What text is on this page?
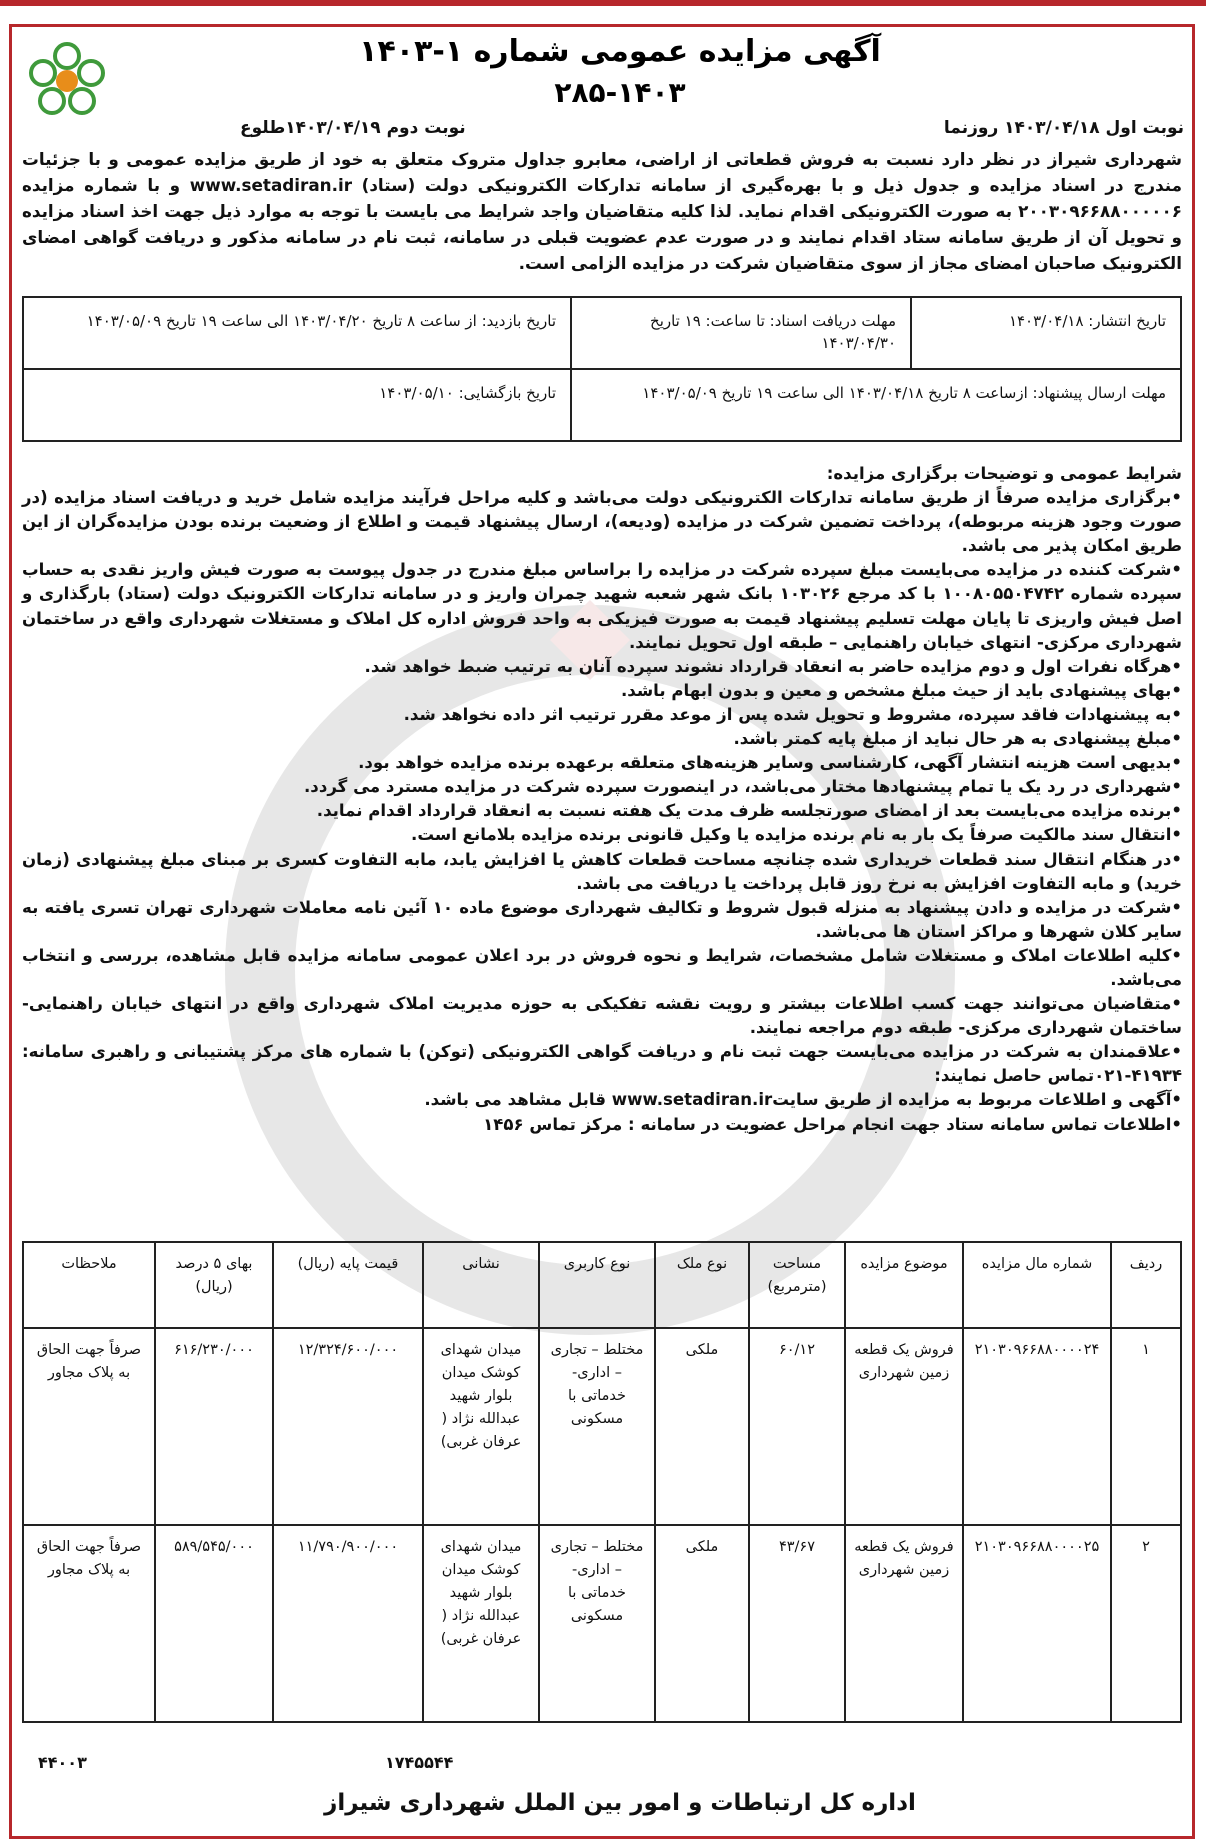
آگهی مزایده عمومی شماره ۱-۱۴۰۳
۲۸۵-۱۴۰۳
نوبت اول ۱۴۰۳/۰۴/۱۸ روزنما
نوبت دوم ۱۴۰۳/۰۴/۱۹طلوع
شهرداری شیراز در نظر دارد نسبت به فروش قطعاتی از اراضی، معابرو جداول متروک متعلق به خود از طریق مزایده عمومی و با جزئیات مندرج در اسناد مزایده و جدول ذیل و با بهره‌گیری از سامانه تدارکات الکترونیکی دولت (ستاد) www.setadiran.ir و با شماره مزایده ۲۰۰۳۰۹۶۶۸۸۰۰۰۰۰۶ به صورت الکترونیکی اقدام نماید. لذا کلیه متقاضیان واجد شرایط می بایست با توجه به موارد ذیل جهت اخذ اسناد مزایده و تحویل آن از طریق سامانه ستاد اقدام نمایند و در صورت عدم عضویت قبلی در سامانه، ثبت نام در سامانه مذکور و دریافت گواهی امضای الکترونیک صاحبان امضای مجاز از سوی متقاضیان شرکت در مزایده الزامی است.
تاریخ انتشار: ۱۴۰۳/۰۴/۱۸	مهلت دریافت اسناد: تا ساعت: ۱۹ تاریخ ۱۴۰۳/۰۴/۳۰	تاریخ بازدید: از ساعت ۸ تاریخ ۱۴۰۳/۰۴/۲۰ الی ساعت ۱۹ تاریخ ۱۴۰۳/۰۵/۰۹
مهلت ارسال پیشنهاد: ازساعت ۸ تاریخ ۱۴۰۳/۰۴/۱۸ الی ساعت ۱۹ تاریخ ۱۴۰۳/۰۵/۰۹		تاریخ بازگشایی: ۱۴۰۳/۰۵/۱۰

شرایط عمومی و توضیحات برگزاری مزایده:

•برگزاری مزایده صرفاً از طریق سامانه تدارکات الکترونیکی دولت می‌باشد و کلیه مراحل فرآیند مزایده شامل خرید و دریافت اسناد مزایده (در صورت وجود هزینه مربوطه)، پرداخت تضمین شرکت در مزایده (ودیعه)، ارسال پیشنهاد قیمت و اطلاع از وضعیت برنده بودن مزایده‌گران از این طریق امکان پذیر می باشد.

•شرکت کننده در مزایده می‌بایست مبلغ سپرده شرکت در مزایده را براساس مبلغ مندرج در جدول پیوست به صورت فیش واریز نقدی به حساب سپرده شماره ۱۰۰۸۰۵۵۰۴۷۴۲ با کد مرجع ۱۰۳۰۲۶ بانک شهر شعبه شهید چمران واریز و در سامانه تدارکات الکترونیک دولت (ستاد) بارگذاری و اصل فیش واریزی تا پایان مهلت تسلیم پیشنهاد قیمت به صورت فیزیکی به واحد فروش اداره کل املاک و مستغلات شهرداری واقع در ساختمان شهرداری مرکزی- انتهای خیابان راهنمایی – طبقه اول تحویل نمایند.

•هرگاه نفرات اول و دوم مزایده حاضر به انعقاد قرارداد نشوند سپرده آنان به ترتیب ضبط خواهد شد.

•بهای پیشنهادی باید از حیث مبلغ مشخص و معین و بدون ابهام باشد.

•به پیشنهادات فاقد سپرده، مشروط و تحویل شده پس از موعد مقرر ترتیب اثر داده نخواهد شد.

•مبلغ پیشنهادی به هر حال نباید از مبلغ پایه کمتر باشد.

•بدیهی است هزینه انتشار آگهی، کارشناسی وسایر هزینه‌های متعلقه برعهده برنده مزایده خواهد بود.

•شهرداری در رد یک یا تمام پیشنهادها مختار می‌باشد، در اینصورت سپرده شرکت در مزایده مسترد می گردد.

•برنده مزایده می‌بایست بعد از امضای صورتجلسه ظرف مدت یک هفته نسبت به انعقاد قرارداد اقدام نماید.

•انتقال سند مالکیت صرفاً یک بار به نام برنده مزایده یا وکیل قانونی برنده مزایده بلامانع است.

•در هنگام انتقال سند قطعات خریداری شده چنانچه مساحت قطعات کاهش یا افزایش یابد، مابه التفاوت کسری بر مبنای مبلغ پیشنهادی (زمان خرید) و مابه التفاوت افزایش به نرخ روز قابل پرداخت یا دریافت می باشد.

•شرکت در مزایده و دادن پیشنهاد به منزله قبول شروط و تکالیف شهرداری موضوع ماده ۱۰ آئین نامه معاملات شهرداری تهران تسری یافته به سایر کلان شهرها و مراکز استان ها می‌باشد.

•کلیه اطلاعات املاک و مستغلات شامل مشخصات، شرایط و نحوه فروش در برد اعلان عمومی سامانه مزایده قابل مشاهده، بررسی و انتخاب می‌باشد.

•متقاضیان می‌توانند جهت کسب اطلاعات بیشتر و رویت نقشه تفکیکی به حوزه مدیریت املاک شهرداری واقع در انتهای خیابان راهنمایی- ساختمان شهرداری مرکزی- طبقه دوم مراجعه نمایند.

•علاقمندان به شرکت در مزایده می‌بایست جهت ثبت نام و دریافت گواهی الکترونیکی (توکن) با شماره های مرکز پشتیبانی و راهبری سامانه: ۴۱۹۳۴-۰۲۱تماس حاصل نمایند:

•آگهی و اطلاعات مربوط به مزایده از طریق سایتwww.setadiran.ir قابل مشاهد می باشد.

•اطلاعات تماس سامانه ستاد جهت انجام مراحل عضویت در سامانه : مرکز تماس ۱۴۵۶

ردیف	شماره مال مزایده	موضوع مزایده	مساحت (مترمربع)	نوع ملک	نوع کاربری	نشانی	قیمت پایه (ریال)	بهای ۵ درصد (ریال)	ملاحظات
۱	۲۱۰۳۰۹۶۶۸۸۰۰۰۰۲۴	فروش یک قطعه زمین شهرداری	۶۰/۱۲	ملکی	مختلط – تجاری – اداری- خدماتی با مسکونی	میدان شهدای کوشک میدان بلوار شهید عبدالله نژاد ( عرفان غربی)	۱۲/۳۲۴/۶۰۰/۰۰۰	۶۱۶/۲۳۰/۰۰۰	صرفاً جهت الحاق به پلاک مجاور
۲	۲۱۰۳۰۹۶۶۸۸۰۰۰۰۲۵	فروش یک قطعه زمین شهرداری	۴۳/۶۷	ملکی	مختلط – تجاری – اداری- خدماتی با مسکونی	میدان شهدای کوشک میدان بلوار شهید عبدالله نژاد ( عرفان غربی)	۱۱/۷۹۰/۹۰۰/۰۰۰	۵۸۹/۵۴۵/۰۰۰	صرفاً جهت الحاق به پلاک مجاور
۴۴۰۰۳	۱۷۴۵۵۴۴
اداره کل ارتباطات و امور بین الملل شهرداری شیراز
